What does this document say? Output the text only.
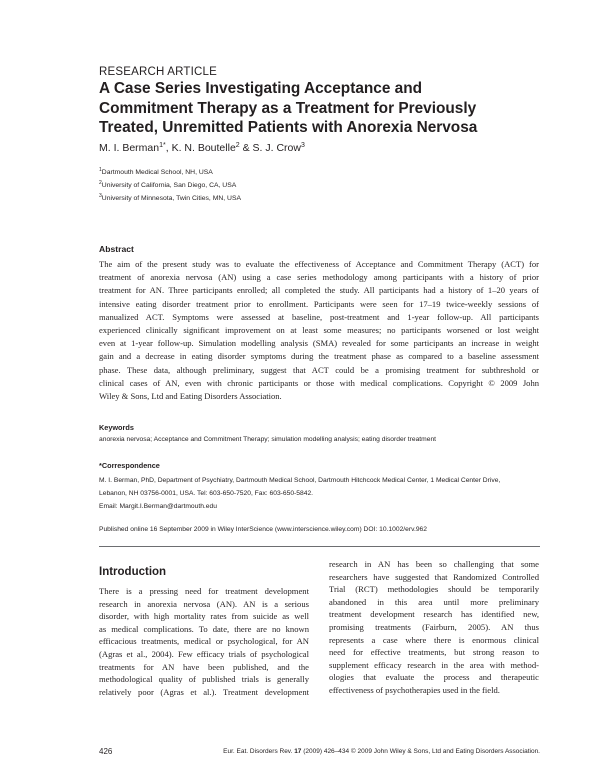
RESEARCH ARTICLE
A Case Series Investigating Acceptance and
Commitment Therapy as a Treatment for Previously
Treated, Unremitted Patients with Anorexia Nervosa
M. I. Berman$^{1*}$, K. N. Boutelle$^2$ & S. J. Crow$^3$
$^1$Dartmouth Medical School, NH, USA
$^2$University of California, San Diego, CA, USA
$^3$University of Minnesota, Twin Cities, MN, USA
Abstract
The aim of the present study was to evaluate the effectiveness of Acceptance and Commitment Therapy (ACT) for
treatment of anorexia nervosa (AN) using a case series methodology among participants with a history of prior
treatment for AN. Three participants enrolled; all completed the study. All participants had a history of 1–20 years of
intensive eating disorder treatment prior to enrollment. Participants were seen for 17–19 twice-weekly sessions of
manualized ACT. Symptoms were assessed at baseline, post-treatment and 1-year follow-up. All participants
experienced clinically significant improvement on at least some measures; no participants worsened or lost weight
even at 1-year follow-up. Simulation modelling analysis (SMA) revealed for some participants an increase in weight
gain and a decrease in eating disorder symptoms during the treatment phase as compared to a baseline assessment
phase. These data, although preliminary, suggest that ACT could be a promising treatment for subthreshold or
clinical cases of AN, even with chronic participants or those with medical complications. Copyright © 2009 John
Wiley & Sons, Ltd and Eating Disorders Association.
Keywords
anorexia nervosa; Acceptance and Commitment Therapy; simulation modelling analysis; eating disorder treatment
*Correspondence
M. I. Berman, PhD, Department of Psychiatry, Dartmouth Medical School, Dartmouth Hitchcock Medical Center, 1 Medical Center Drive,
Lebanon, NH 03756-0001, USA. Tel: 603-650-7520, Fax: 603-650-5842.
Email: Margit.I.Berman@dartmouth.edu
Published online 16 September 2009 in Wiley InterScience (www.interscience.wiley.com) DOI: 10.1002/erv.962
Introduction
There is a pressing need for treatment development
research in anorexia nervosa (AN). AN is a serious
disorder, with high mortality rates from suicide as well
as medical complications. To date, there are no known
efficacious treatments, medical or psychological, for AN
(Agras et al., 2004). Few efficacy trials of psychological
treatments for AN have been published, and the
methodological quality of published trials is generally
relatively poor (Agras et al.). Treatment development
research in AN has been so challenging that some
researchers have suggested that Randomized Controlled
Trial (RCT) methodologies should be temporarily
abandoned in this area until more preliminary
treatment development research has identified new,
promising treatments (Fairburn, 2005). AN thus
represents a case where there is enormous clinical
need for effective treatments, but strong reason to
supplement efficacy research in the area with method-
ologies that evaluate the process and therapeutic
effectiveness of psychotherapies used in the field.
426	Eur. Eat. Disorders Rev. 17 (2009) 426–434 © 2009 John Wiley & Sons, Ltd and Eating Disorders Association.
